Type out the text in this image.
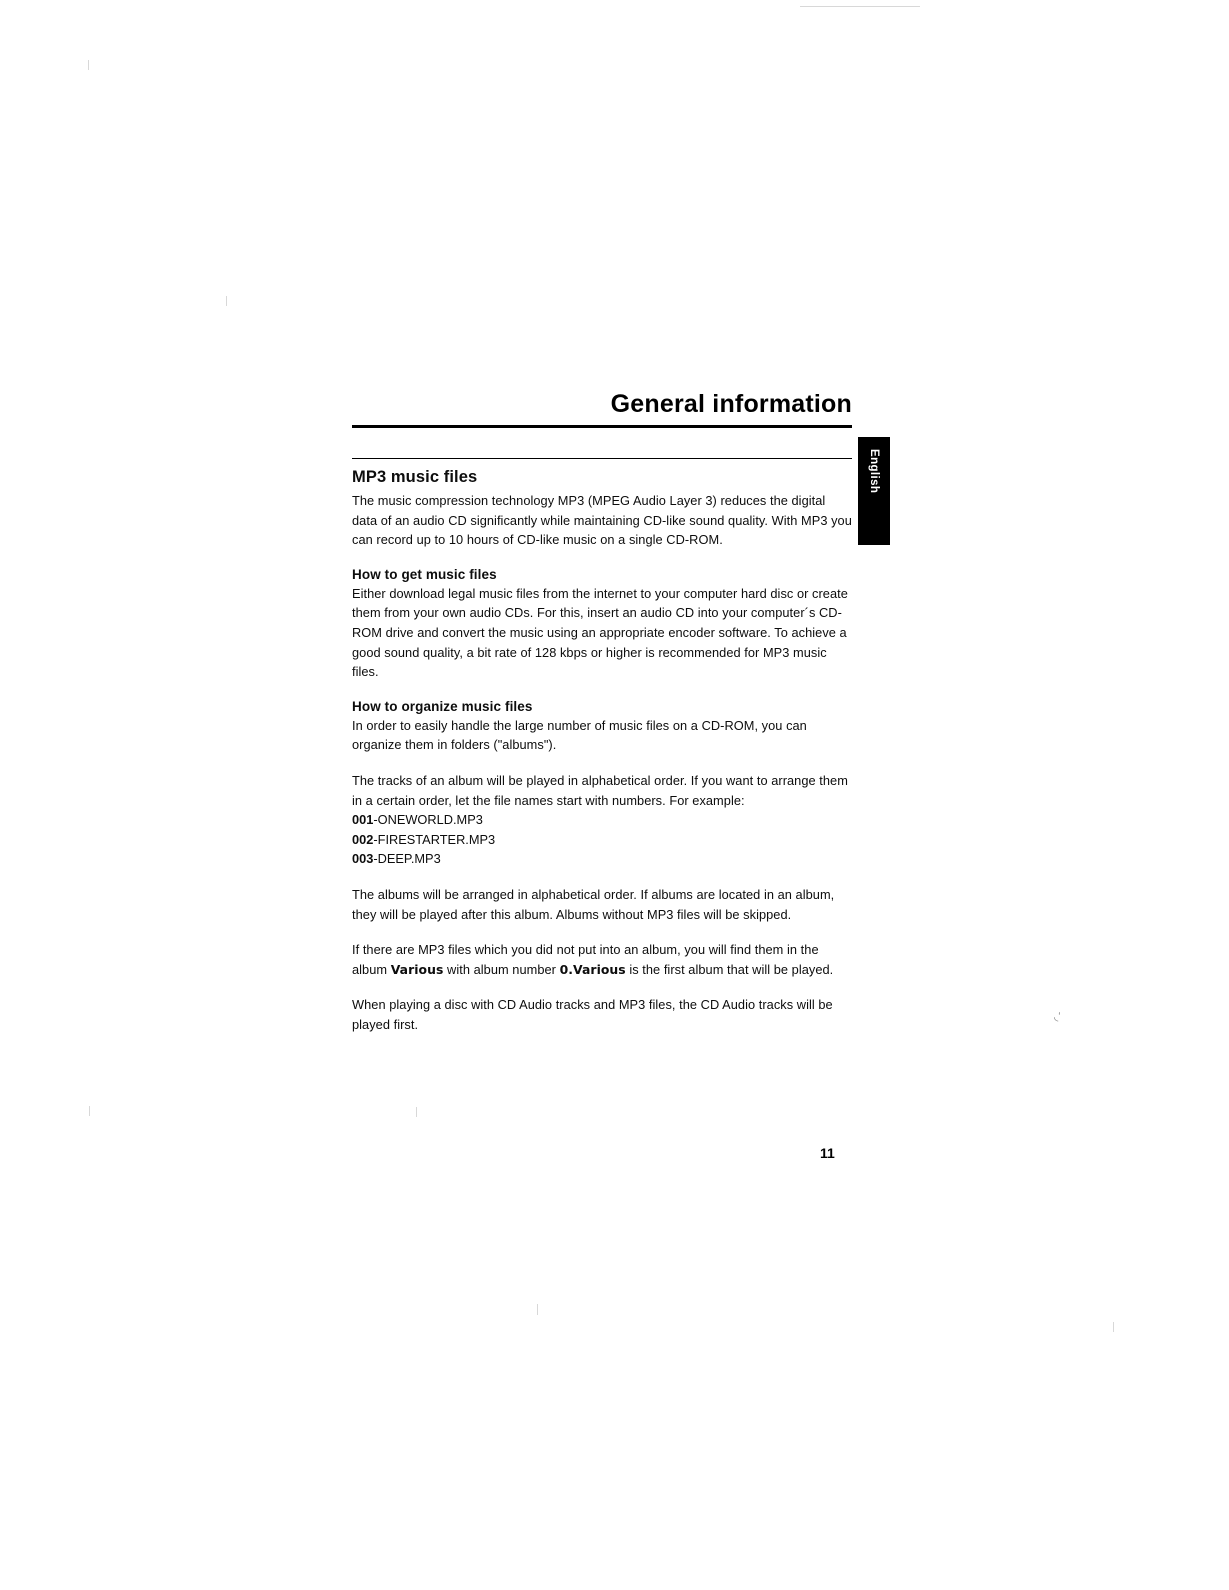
◟ʻ
English
General information
MP3 music files

The music compression technology MP3 (MPEG Audio Layer 3) reduces the digital data of an audio CD significantly while maintaining CD-like sound quality. With MP3 you can record up to 10 hours of CD-like music on a single CD-ROM.

How to get music files

Either download legal music files from the internet to your computer hard disc or create them from your own audio CDs. For this, insert an audio CD into your computer´s CD-ROM drive and convert the music using an appropriate encoder software. To achieve a good sound quality, a bit rate of 128 kbps or higher is recommended for MP3 music files.

How to organize music files

In order to easily handle the large number of music files on a CD-ROM, you can organize them in folders ("albums").

The tracks of an album will be played in alphabetical order. If you want to arrange them in a certain order, let the file names start with numbers. For example:

001-ONEWORLD.MP3
002-FIRESTARTER.MP3
003-DEEP.MP3

The albums will be arranged in alphabetical order. If albums are located in an album, they will be played after this album. Albums without MP3 files will be skipped.

If there are MP3 files which you did not put into an album, you will find them in the album Various with album number 0.Various is the first album that will be played.

When playing a disc with CD Audio tracks and MP3 files, the CD Audio tracks will be played first.

11
